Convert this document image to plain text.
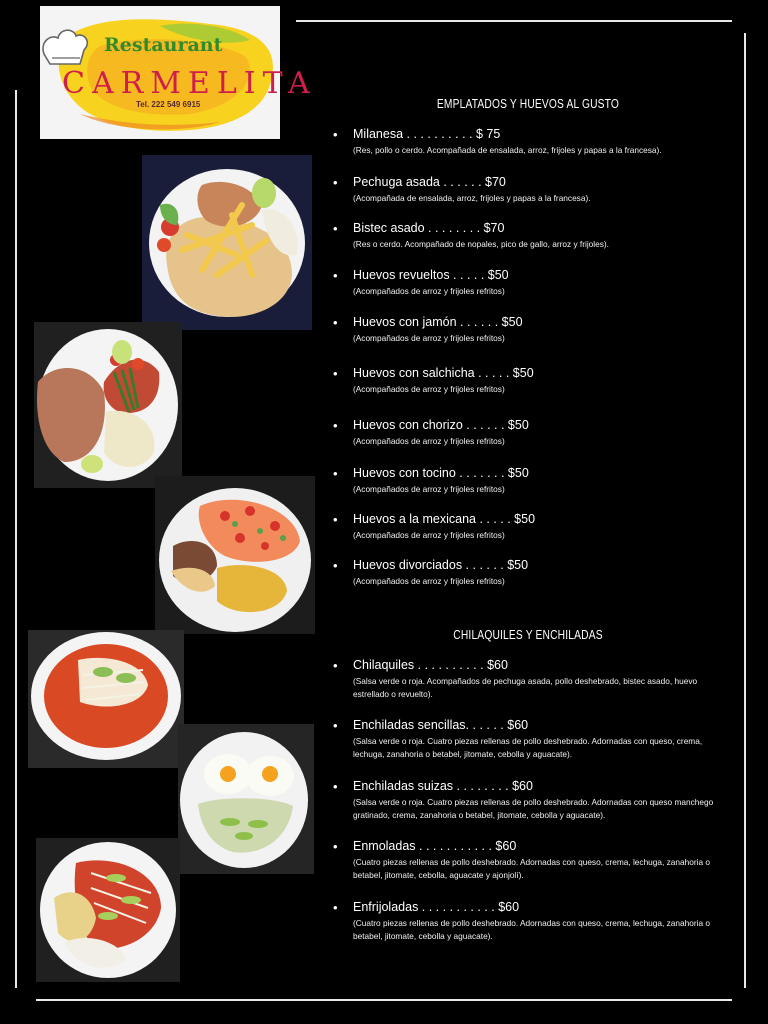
Restaurant
CARMELITA
Tel. 222 549 6915	EMPLATADOS Y HUEVOS AL GUSTO
• Milanesa . . . . . . . . . . $ 75
(Res, pollo o cerdo. Acompañada de ensalada, arroz, frijoles y papas a la francesa).
• Pechuga asada . . . . . . $70
(Acompañada de ensalada, arroz, frijoles y papas a la francesa).
• Bistec asado . . . . . . . . $70
(Res o cerdo. Acompañado de nopales, pico de gallo, arroz y frijoles).
• Huevos revueltos . . . . . $50
(Acompañados de arroz y frijoles refritos)
• Huevos con jamón . . . . . . $50
(Acompañados de arroz y frijoles refritos)
• Huevos con salchicha . . . . . $50
(Acompañados de arroz y frijoles refritos)
• Huevos con chorizo . . . . . . $50
(Acompañados de arroz y frijoles refritos)
• Huevos con tocino . . . . . . . $50
(Acompañados de arroz y frijoles refritos)
• Huevos a la mexicana . . . . . $50
(Acompañados de arroz y frijoles refritos)
• Huevos divorciados . . . . . . $50
(Acompañados de arroz y frijoles refritos)
CHILAQUILES Y ENCHILADAS
• Chilaquiles . . . . . . . . . . $60
(Salsa verde o roja. Acompañados de pechuga asada, pollo deshebrado, bistec asado, huevo estrellado o revuelto).
• Enchiladas sencillas. . . . . . $60
(Salsa verde o roja. Cuatro piezas rellenas de pollo deshebrado. Adornadas con queso, crema, lechuga, zanahoria o betabel, jitomate, cebolla y aguacate).
• Enchiladas suizas . . . . . . . . $60
(Salsa verde o roja. Cuatro piezas rellenas de pollo deshebrado. Adornadas con queso manchego gratinado, crema, zanahoria o betabel, jitomate, cebolla y aguacate).
• Enmoladas . . . . . . . . . . . $60
(Cuatro piezas rellenas de pollo deshebrado. Adornadas con queso, crema, lechuga, zanahoria o betabel, jitomate, cebolla, aguacate y ajonjolí).
• Enfrijoladas . . . . . . . . . . . $60
(Cuatro piezas rellenas de pollo deshebrado. Adornadas con queso, crema, lechuga, zanahoria o betabel, jitomate, cebolla y aguacate).
